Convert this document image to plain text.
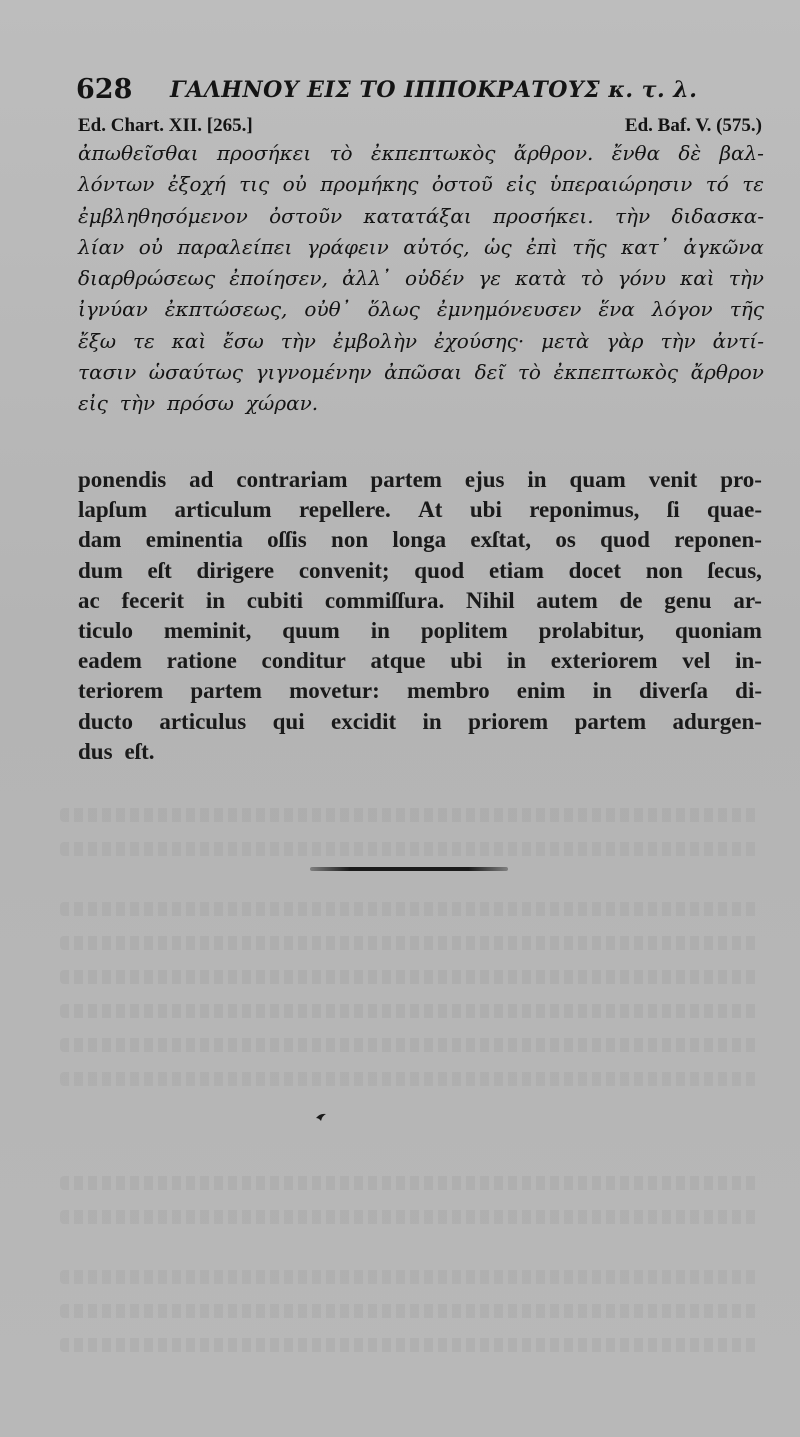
628 ΓΑΛΗΝΟΥ ΕΙΣ ΤΟ ΙΠΠΟΚΡΑΤΟΥΣ κ. τ. λ.
Ed. Chart. XII. [265.]	Ed. Baf. V. (575.)
ἀπωθεῖσθαι προσήκει τὸ ἐκπεπτωκὸς ἄρθρον. ἔνθα δὲ βαλ-
λόντων ἐξοχή τις οὐ προμήκης ὀστοῦ εἰς ὑπεραιώρησιν τό τε
ἐμβληθησόμενον ὀστοῦν κατατάξαι προσήκει. τὴν διδασκα-
λίαν οὐ παραλείπει γράφειν αὐτός, ὡς ἐπὶ τῆς κατ᾽ ἀγκῶνα
διαρθρώσεως ἐποίησεν, ἀλλ᾽ οὐδέν γε κατὰ τὸ γόνυ καὶ τὴν
ἰγνύαν ἐκπτώσεως, οὐθ᾽ ὅλως ἐμνημόνευσεν ἕνα λόγον τῆς
ἔξω τε καὶ ἔσω τὴν ἐμβολὴν ἐχούσης· μετὰ γὰρ τὴν ἀντί-
τασιν ὡσαύτως γιγνομένην ἀπῶσαι δεῖ τὸ ἐκπεπτωκὸς ἄρθρον
εἰς τὴν πρόσω χώραν.
ponendis ad contrariam partem ejus in quam venit pro-
lapſum articulum repellere. At ubi reponimus, ſi quae-
dam eminentia oſſis non longa exſtat, os quod reponen-
dum eſt dirigere convenit; quod etiam docet non ſecus,
ac fecerit in cubiti commiſſura. Nihil autem de genu ar-
ticulo meminit, quum in poplitem prolabitur, quoniam
eadem ratione conditur atque ubi in exteriorem vel in-
teriorem partem movetur: membro enim in diverſa di-
ducto articulus qui excidit in priorem partem adurgen-
dus eſt.
